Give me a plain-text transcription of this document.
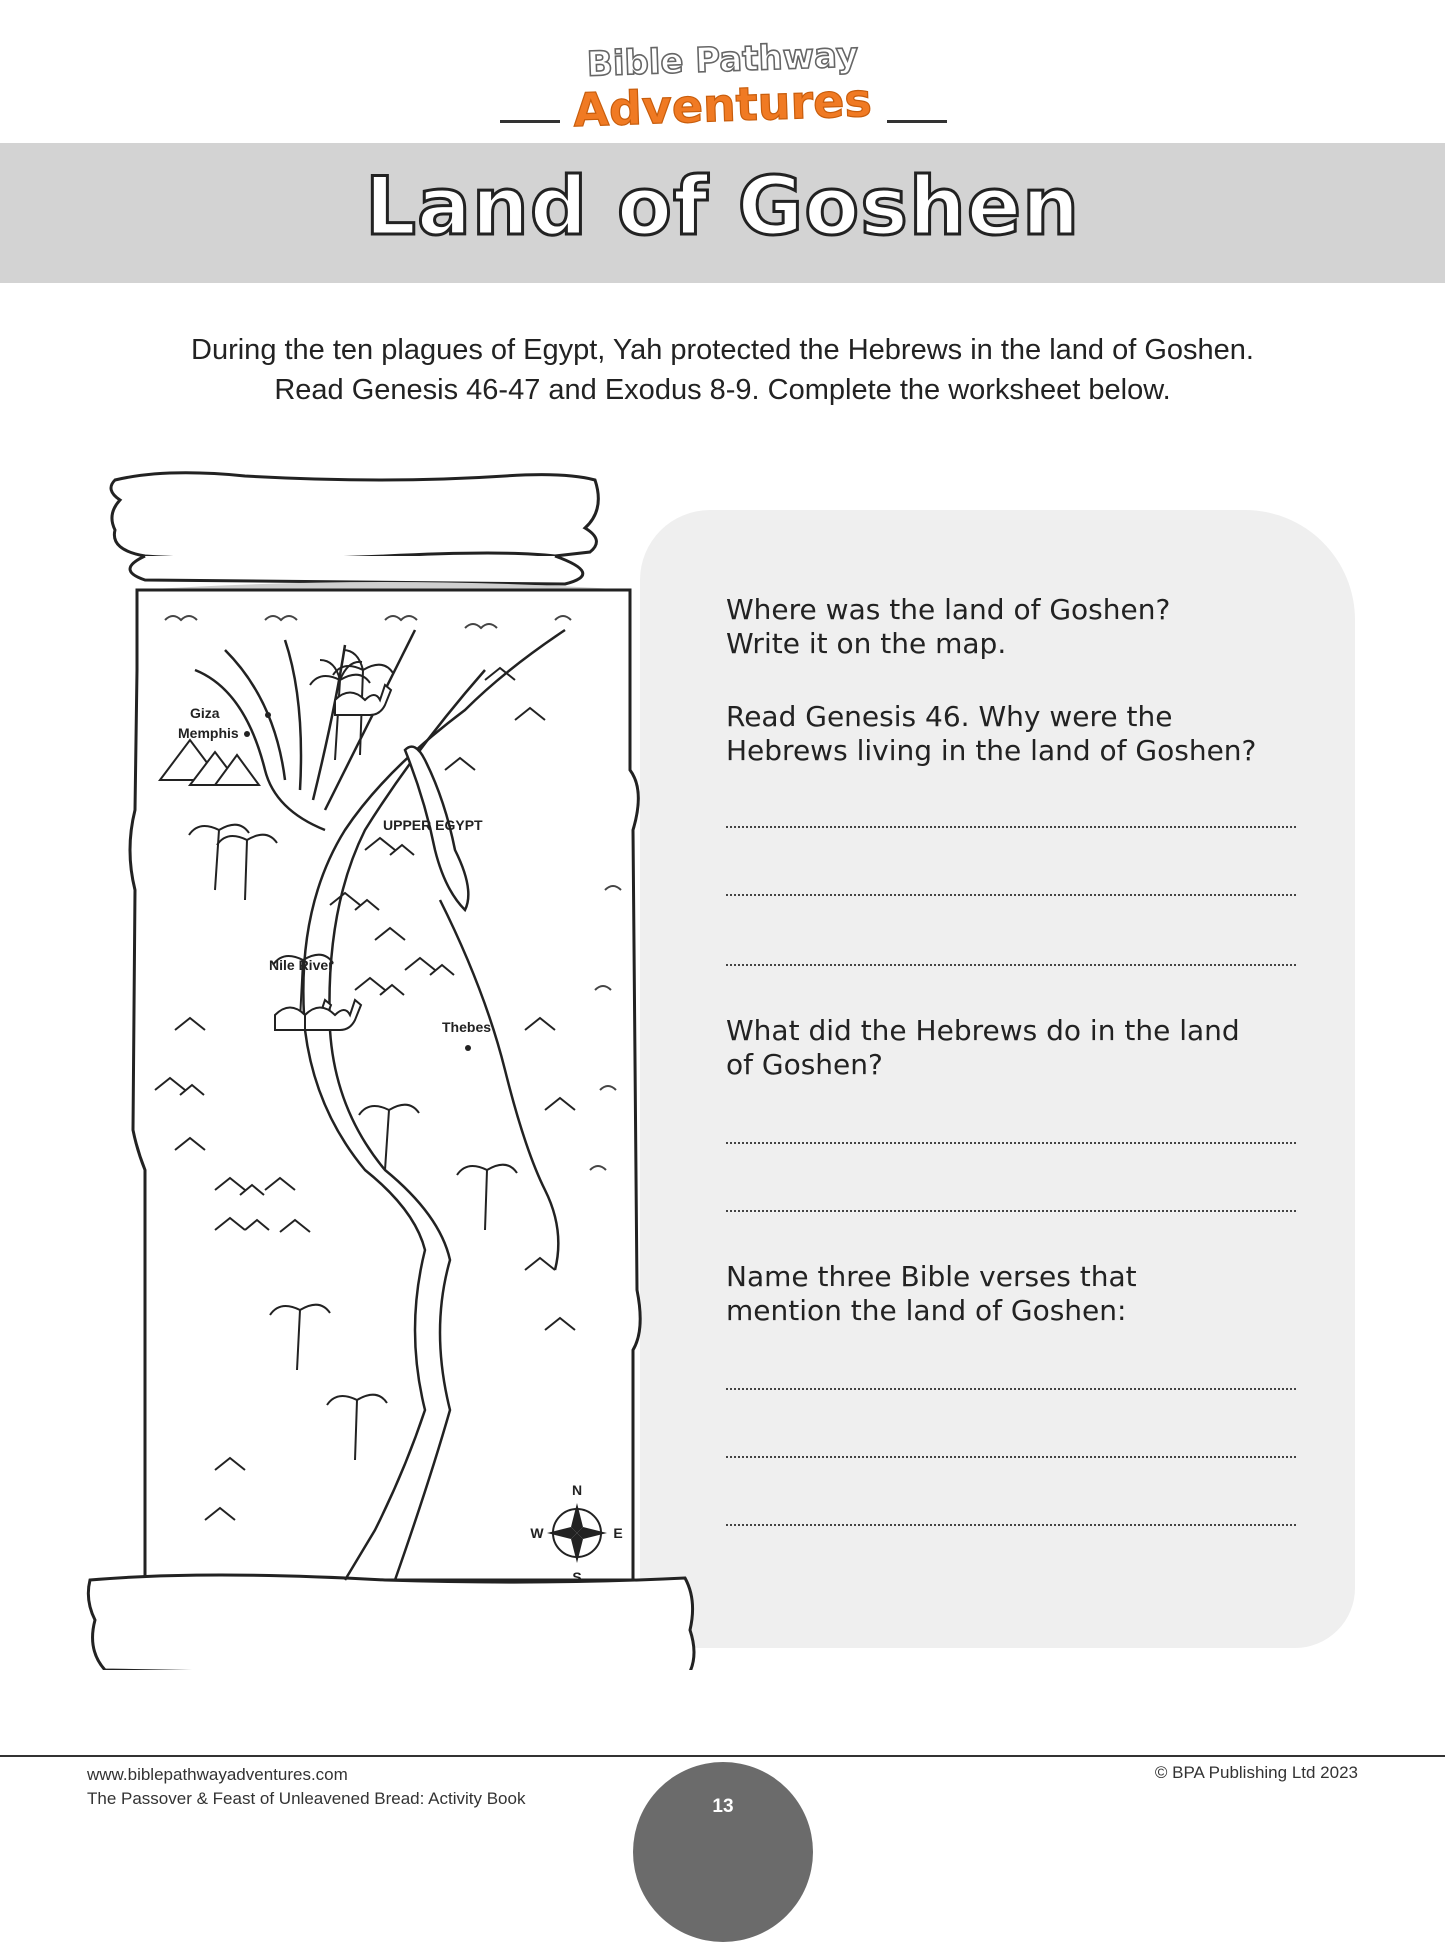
Bible Pathway
Adventures
Land of Goshen
During the ten plagues of Egypt, Yah protected the Hebrews in the land of Goshen.
Read Genesis 46-47 and Exodus 8-9. Complete the worksheet below.
Where was the land of Goshen?
Write it on the map.
Read Genesis 46. Why were the
Hebrews living in the land of Goshen?
What did the Hebrews do in the land
of Goshen?
Name three Bible verses that
mention the land of Goshen:
Giza
Memphis
UPPER EGYPT
Nile River
Thebes
N
S
E
W
www.biblepathwayadventures.com
The Passover & Feast of Unleavened Bread: Activity Book
© BPA Publishing Ltd 2023
13
